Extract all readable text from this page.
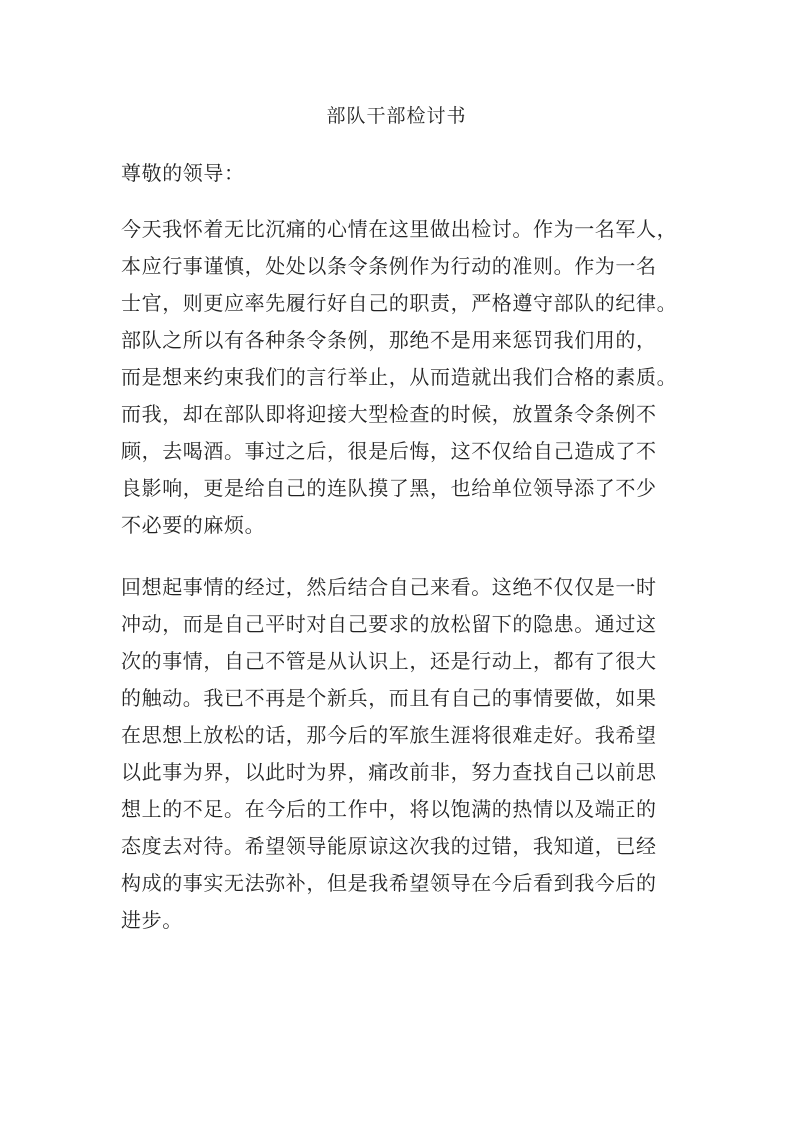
部队干部检讨书
尊敬的领导：
今天我怀着无比沉痛的心情在这里做出检讨。作为一名军人，
本应行事谨慎，处处以条令条例作为行动的准则。作为一名
士官，则更应率先履行好自己的职责，严格遵守部队的纪律。
部队之所以有各种条令条例，那绝不是用来惩罚我们用的，
而是想来约束我们的言行举止，从而造就出我们合格的素质。
而我，却在部队即将迎接大型检查的时候，放置条令条例不
顾，去喝酒。事过之后，很是后悔，这不仅给自己造成了不
良影响，更是给自己的连队摸了黑，也给单位领导添了不少
不必要的麻烦。
回想起事情的经过，然后结合自己来看。这绝不仅仅是一时
冲动，而是自己平时对自己要求的放松留下的隐患。通过这
次的事情，自己不管是从认识上，还是行动上，都有了很大
的触动。我已不再是个新兵，而且有自己的事情要做，如果
在思想上放松的话，那今后的军旅生涯将很难走好。我希望
以此事为界，以此时为界，痛改前非，努力查找自己以前思
想上的不足。在今后的工作中，将以饱满的热情以及端正的
态度去对待。希望领导能原谅这次我的过错，我知道，已经
构成的事实无法弥补，但是我希望领导在今后看到我今后的
进步。
